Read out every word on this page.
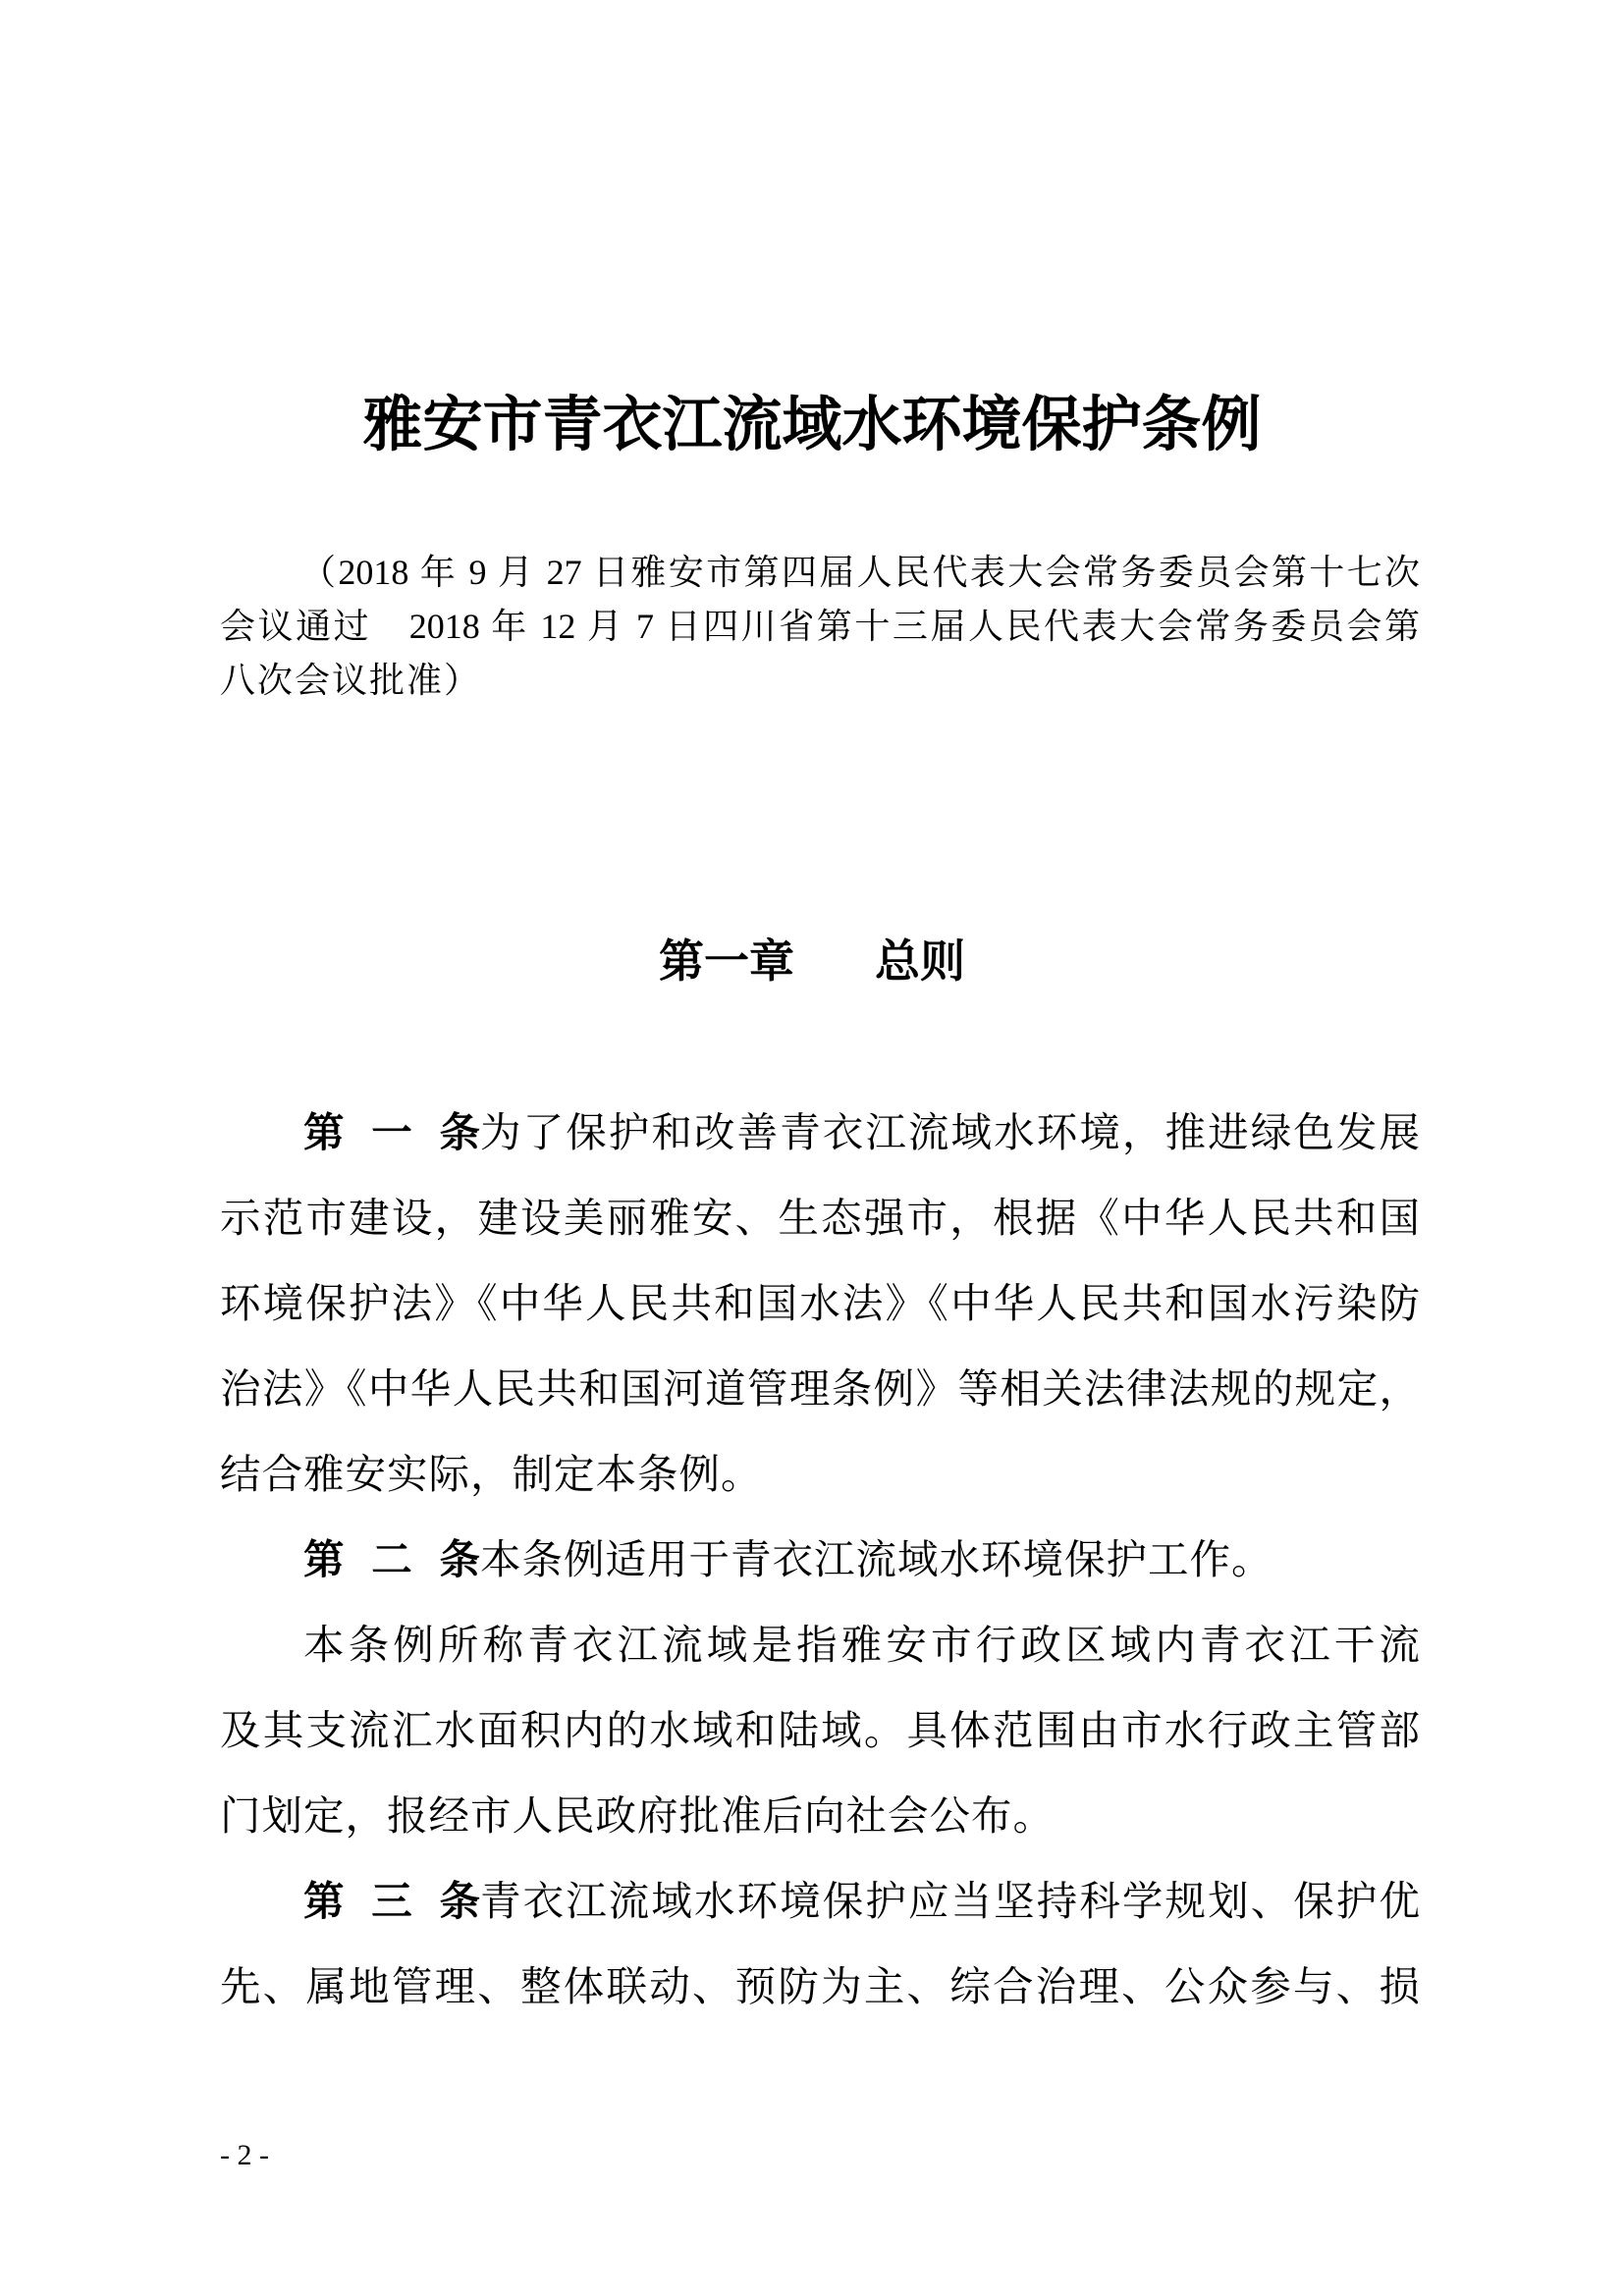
雅安市青衣江流域水环境保护条例
（2018 年 9 月 27 日雅安市第四届人民代表大会常务委员会第十七次
会议通过　2018 年 12 月 7 日四川省第十三届人民代表大会常务委员会第
八次会议批准）
第一章 总则
第一条 为了保护和改善青衣江流域水环境，推进绿色发展
示范市建设，建设美丽雅安、生态强市，根据《中华人民共和国
环境保护法》《中华人民共和国水法》《中华人民共和国水污染防
治法》《中华人民共和国河道管理条例》等相关法律法规的规定，
结合雅安实际，制定本条例。
第二条 本条例适用于青衣江流域水环境保护工作。
本条例所称青衣江流域是指雅安市行政区域内青衣江干流
及其支流汇水面积内的水域和陆域。具体范围由市水行政主管部
门划定，报经市人民政府批准后向社会公布。
第三条 青衣江流域水环境保护应当坚持科学规划、保护优
先、属地管理、整体联动、预防为主、综合治理、公众参与、损
- 2 -
